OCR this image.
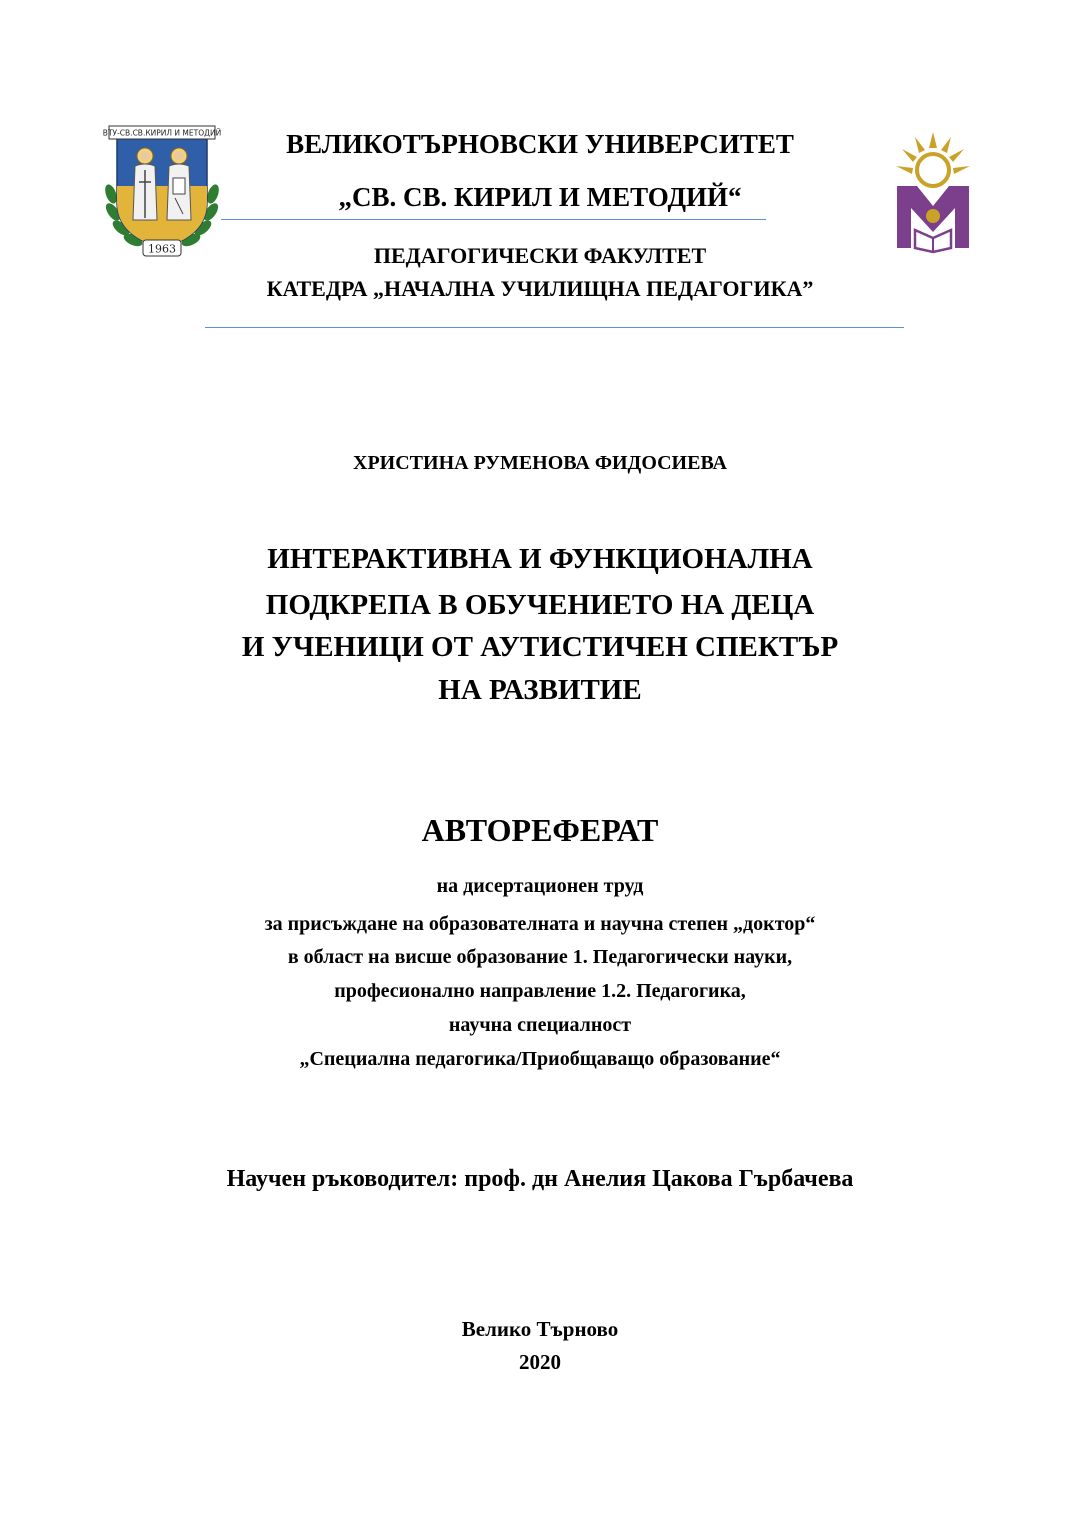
ВТУ-СВ.СВ.КИРИЛ И МЕТОДИЙ
1963
ВЕЛИКОТЪРНОВСКИ УНИВЕРСИТЕТ
„СВ. СВ. КИРИЛ И МЕТОДИЙ“
ПЕДАГОГИЧЕСКИ ФАКУЛТЕТ
КАТЕДРА „НАЧАЛНА УЧИЛИЩНА ПЕДАГОГИКА”
ХРИСТИНА РУМЕНОВА ФИДОСИЕВА
ИНТЕРАКТИВНА И ФУНКЦИОНАЛНА
ПОДКРЕПА В ОБУЧЕНИЕТО НА ДЕЦА
И УЧЕНИЦИ ОТ АУТИСТИЧЕН СПЕКТЪР
НА РАЗВИТИЕ
АВТОРЕФЕРАТ
на дисертационен труд
за присъждане на образователната и научна степен „доктор“
в област на висше образование 1. Педагогически науки,
професионално направление 1.2. Педагогика,
научна специалност
„Специална педагогика/Приобщаващо образование“
Научен ръководител: проф. дн Анелия Цакова Гърбачева
Велико Търново
2020
